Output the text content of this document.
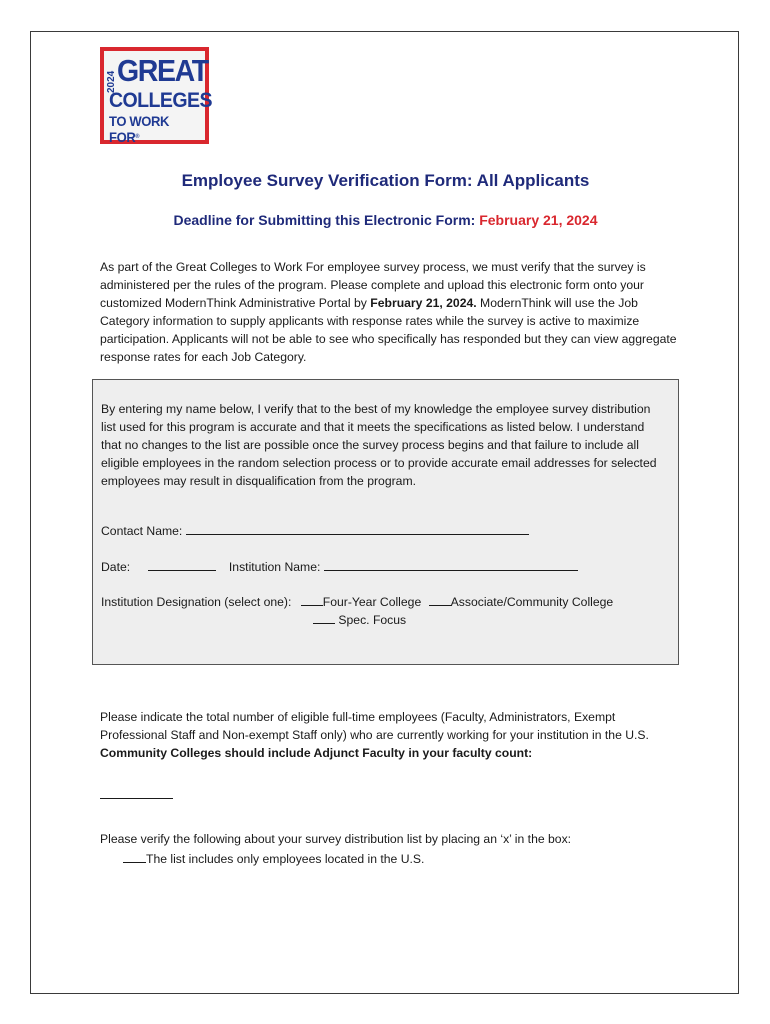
2024 GREAT
COLLEGES
TO WORK FOR®
Employee Survey Verification Form: All Applicants
Deadline for Submitting this Electronic Form: February 21, 2024
As part of the Great Colleges to Work For employee survey process, we must verify that the survey is administered per the rules of the program. Please complete and upload this electronic form onto your customized ModernThink Administrative Portal by February 21, 2024. ModernThink will use the Job Category information to supply applicants with response rates while the survey is active to maximize participation. Applicants will not be able to see who specifically has responded but they can view aggregate response rates for each Job Category.
By entering my name below, I verify that to the best of my knowledge the employee survey distribution list used for this program is accurate and that it meets the specifications as listed below. I understand that no changes to the list are possible once the survey process begins and that failure to include all eligible employees in the random selection process or to provide accurate email addresses for selected employees may result in disqualification from the program.
Contact Name:
Date:	Institution Name:
Institution Designation (select one):	Four-Year College Associate/Community College
Spec. Focus
Please indicate the total number of eligible full-time employees (Faculty, Administrators, Exempt Professional Staff and Non-exempt Staff only) who are currently working for your institution in the U.S. Community Colleges should include Adjunct Faculty in your faculty count:
Please verify the following about your survey distribution list by placing an ‘x’ in the box:
The list includes only employees located in the U.S.
